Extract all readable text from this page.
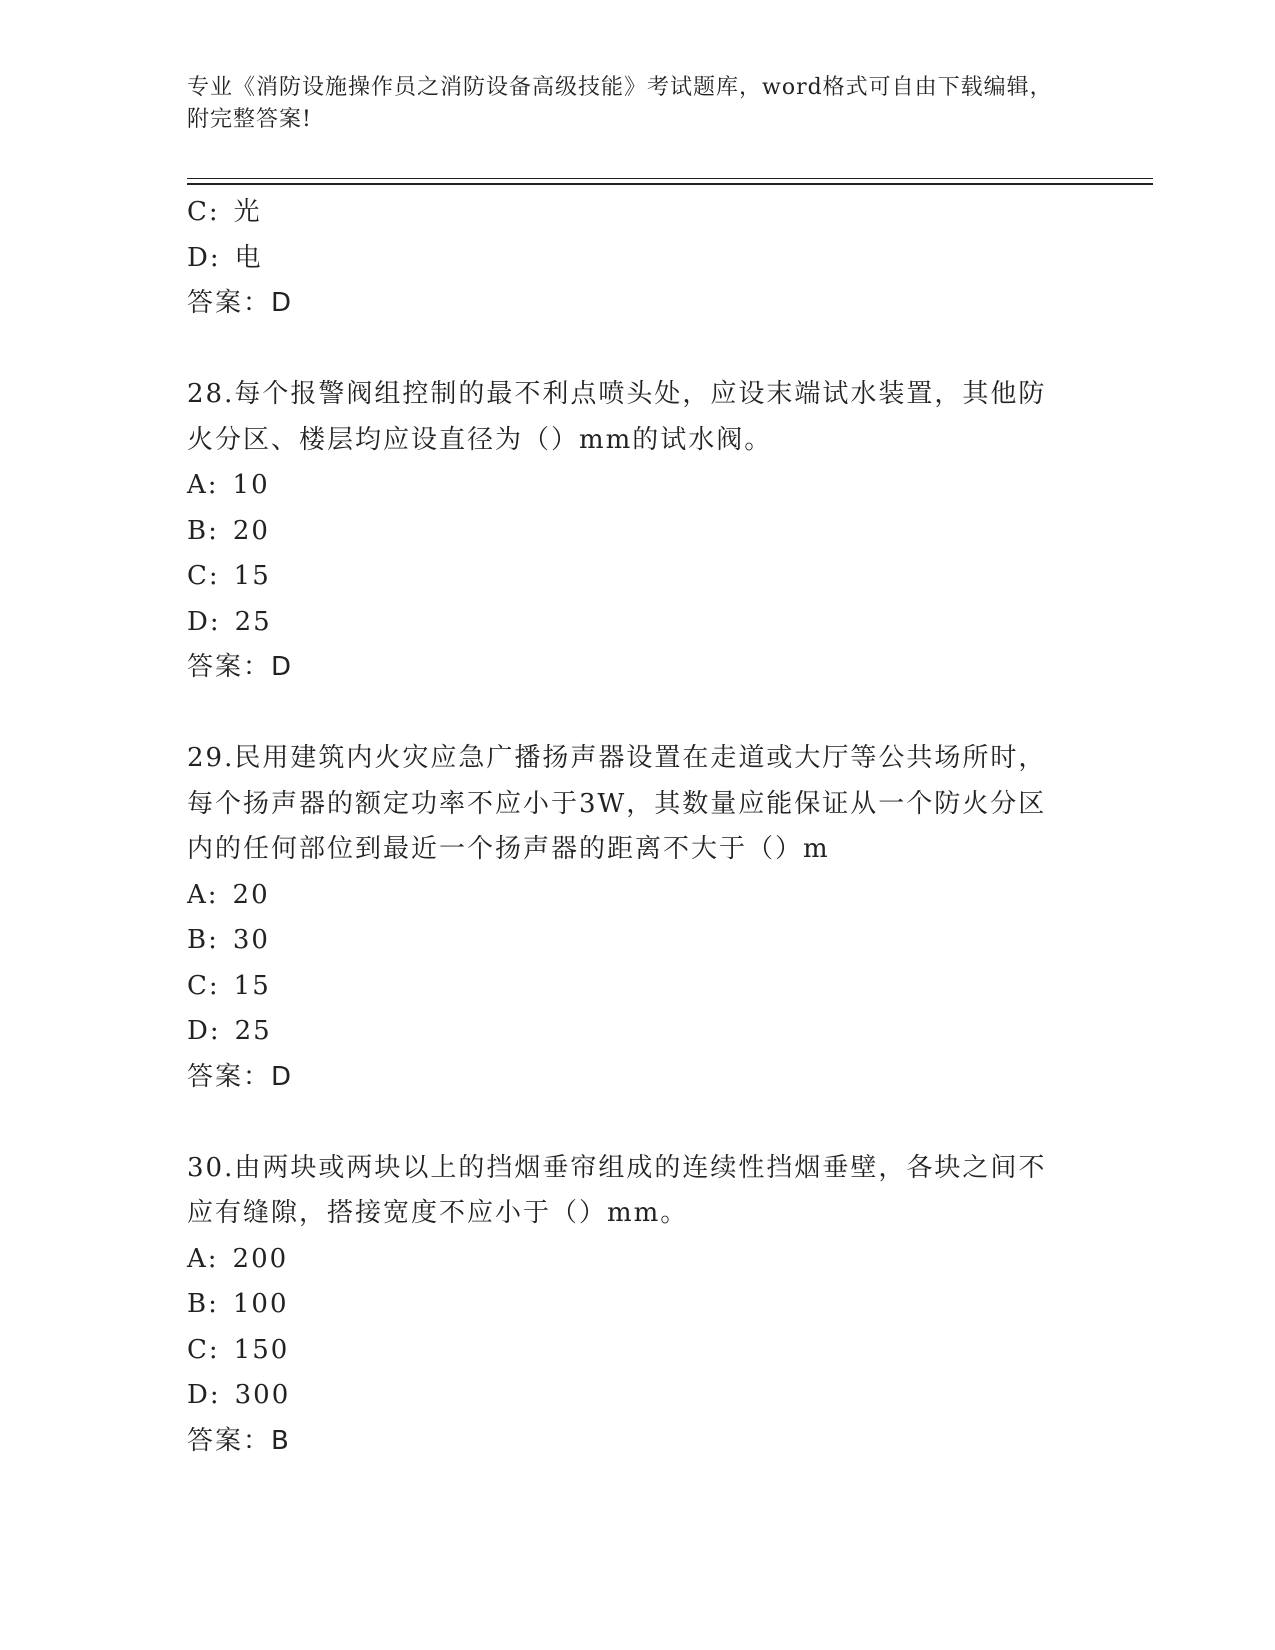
专业《消防设施操作员之消防设备高级技能》考试题库，word格式可自由下载编辑，附完整答案!
C: 光
D: 电
答案：D
28.每个报警阀组控制的最不利点喷头处，应设末端试水装置，其他防
火分区、楼层均应设直径为（）mm的试水阀。
A: 10
B: 20
C: 15
D: 25
答案：D
29.民用建筑内火灾应急广播扬声器设置在走道或大厅等公共场所时，
每个扬声器的额定功率不应小于3W，其数量应能保证从一个防火分区
内的任何部位到最近一个扬声器的距离不大于（）m
A: 20
B: 30
C: 15
D: 25
答案：D
30.由两块或两块以上的挡烟垂帘组成的连续性挡烟垂壁，各块之间不
应有缝隙，搭接宽度不应小于（）mm。
A: 200
B: 100
C: 150
D: 300
答案：B
